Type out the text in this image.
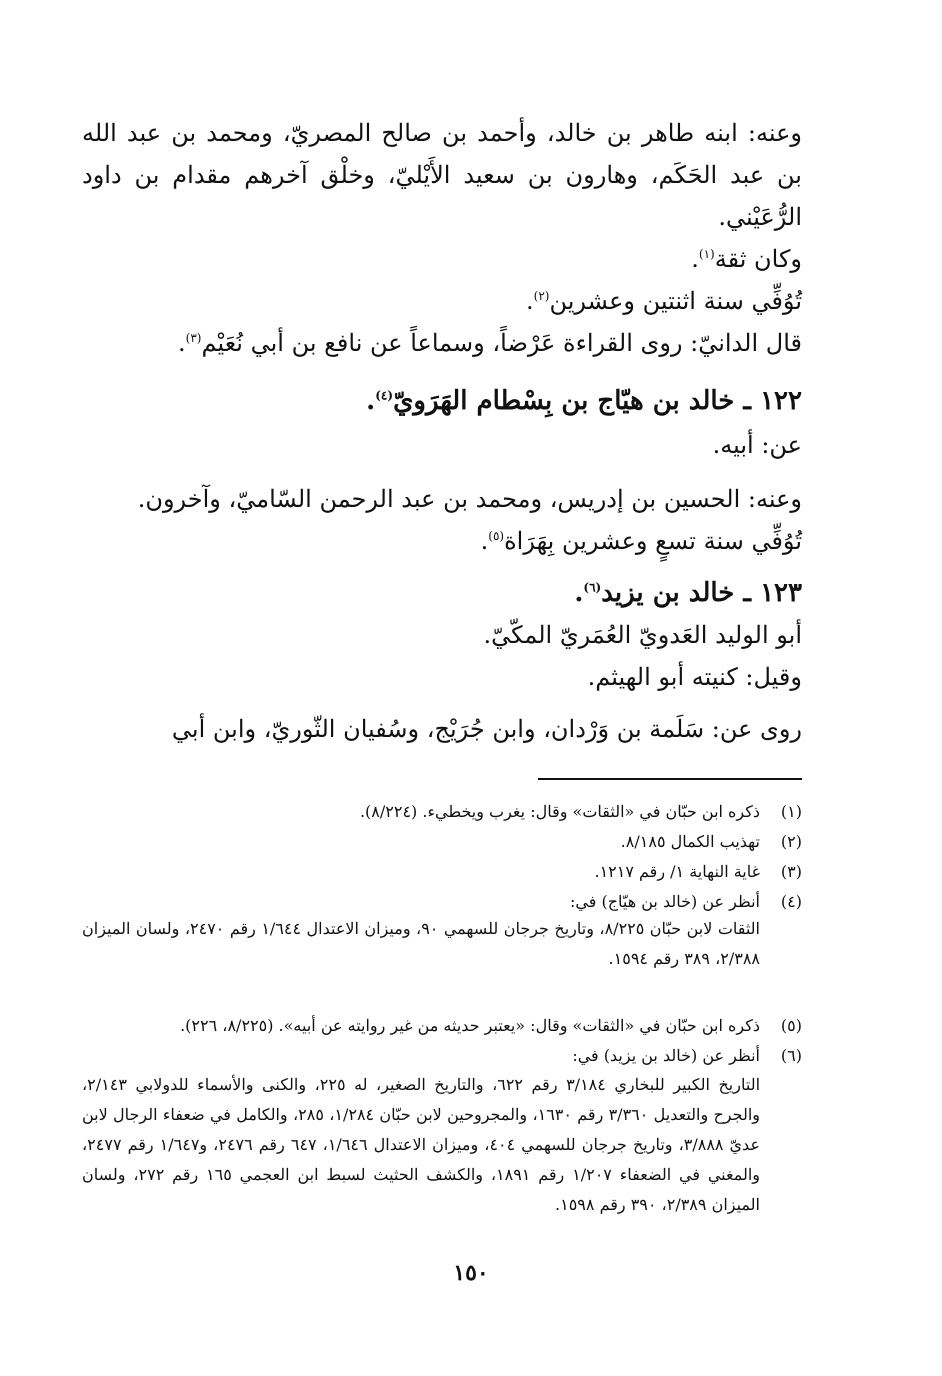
وعنه: ابنه طاهر بن خالد، وأحمد بن صالح المصريّ، ومحمد بن عبد الله بن عبد الحَكَم، وهارون بن سعيد الأَيْليّ، وخلْق آخرهم مقدام بن داود الرُّعَيْني.
وكان ثقة$^{(١)}$.
تُوُفِّي سنة اثنتين وعشرين$^{(٢)}$.
قال الدانيّ: روى القراءة عَرْضاً، وسماعاً عن نافع بن أبي نُعَيْم$^{(٣)}$.
١٢٢ ـ خالد بن هيّاج بن بِسْطام الهَرَويّ$^{(٤)}$.
عن: أبيه.
وعنه: الحسين بن إدريس، ومحمد بن عبد الرحمن السّاميّ، وآخرون.
تُوُفِّي سنة تسعٍ وعشرين بِهَرَاة$^{(٥)}$.
١٢٣ ـ خالد بن يزيد$^{(٦)}$.
أبو الوليد العَدويّ العُمَريّ المكّيّ.
وقيل: كنيته أبو الهيثم.
روى عن: سَلَمة بن وَرْدان، وابن جُرَيْج، وسُفيان الثّوريّ، وابن أبي
(١)ذكره ابن حبّان في «الثقات» وقال: يغرب ويخطيء. (٨/٢٢٤).
(٢)تهذيب الكمال ٨/١٨٥.
(٣)غاية النهاية ١/ رقم ١٢١٧.
(٤)أنظر عن (خالد بن هيّاج) في:
الثقات لابن حبّان ٨/٢٢٥، وتاريخ جرجان للسهمي ٩٠، وميزان الاعتدال ١/٦٤٤ رقم ٢٤٧٠، ولسان الميزان ٢/٣٨٨، ٣٨٩ رقم ١٥٩٤.
(٥)ذكره ابن حبّان في «الثقات» وقال: «يعتبر حديثه من غير روايته عن أبيه». (٨/٢٢٥، ٢٢٦).
(٦)أنظر عن (خالد بن يزيد) في:
التاريخ الكبير للبخاري ٣/١٨٤ رقم ٦٢٢، والتاريخ الصغير، له ٢٢٥، والكنى والأسماء للدولابي ٢/١٤٣، والجرح والتعديل ٣/٣٦٠ رقم ١٦٣٠، والمجروحين لابن حبّان ١/٢٨٤، ٢٨٥، والكامل في ضعفاء الرجال لابن عديّ ٣/٨٨٨، وتاريخ جرجان للسهمي ٤٠٤، وميزان الاعتدال ١/٦٤٦، ٦٤٧ رقم ٢٤٧٦، و١/٦٤٧ رقم ٢٤٧٧، والمغني في الضعفاء ١/٢٠٧ رقم ١٨٩١، والكشف الحثيث لسبط ابن العجمي ١٦٥ رقم ٢٧٢، ولسان الميزان ٢/٣٨٩، ٣٩٠ رقم ١٥٩٨.
١٥٠
